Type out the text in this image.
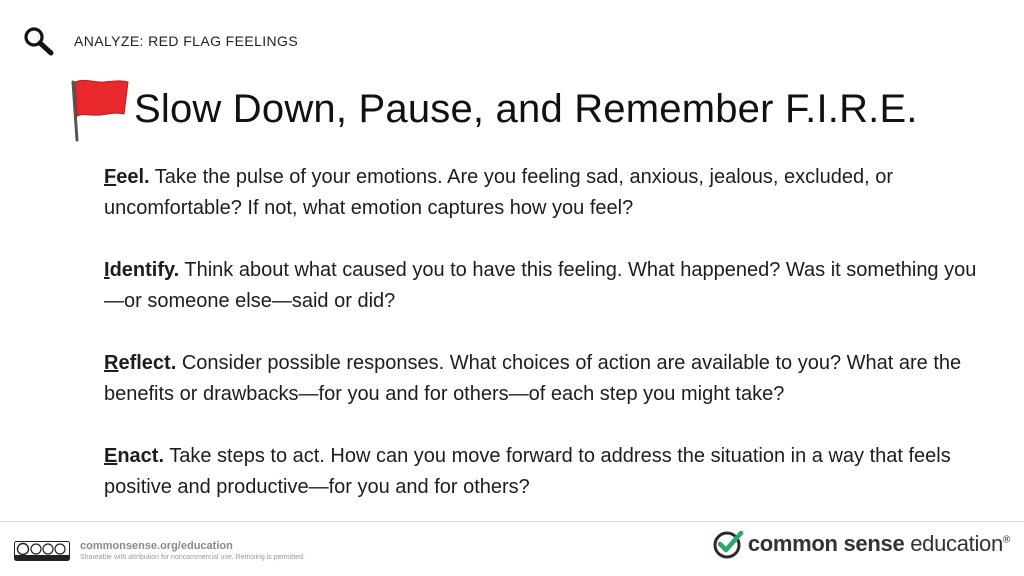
ANALYZE: RED FLAG FEELINGS
Slow Down, Pause, and Remember F.I.R.E.

Feel. Take the pulse of your emotions. Are you feeling sad, anxious, jealous, excluded, or uncomfortable? If not, what emotion captures how you feel?

Identify. Think about what caused you to have this feeling. What happened? Was it something you—or someone else—said or did?

Reflect. Consider possible responses. What choices of action are available to you? What are the benefits or drawbacks—for you and for others—of each step you might take?

Enact. Take steps to act. How can you move forward to address the situation in a way that feels positive and productive—for you and for others?

commonsense.org/education
Shareable with attribution for noncommercial use. Remixing is permitted.
common sense education®
